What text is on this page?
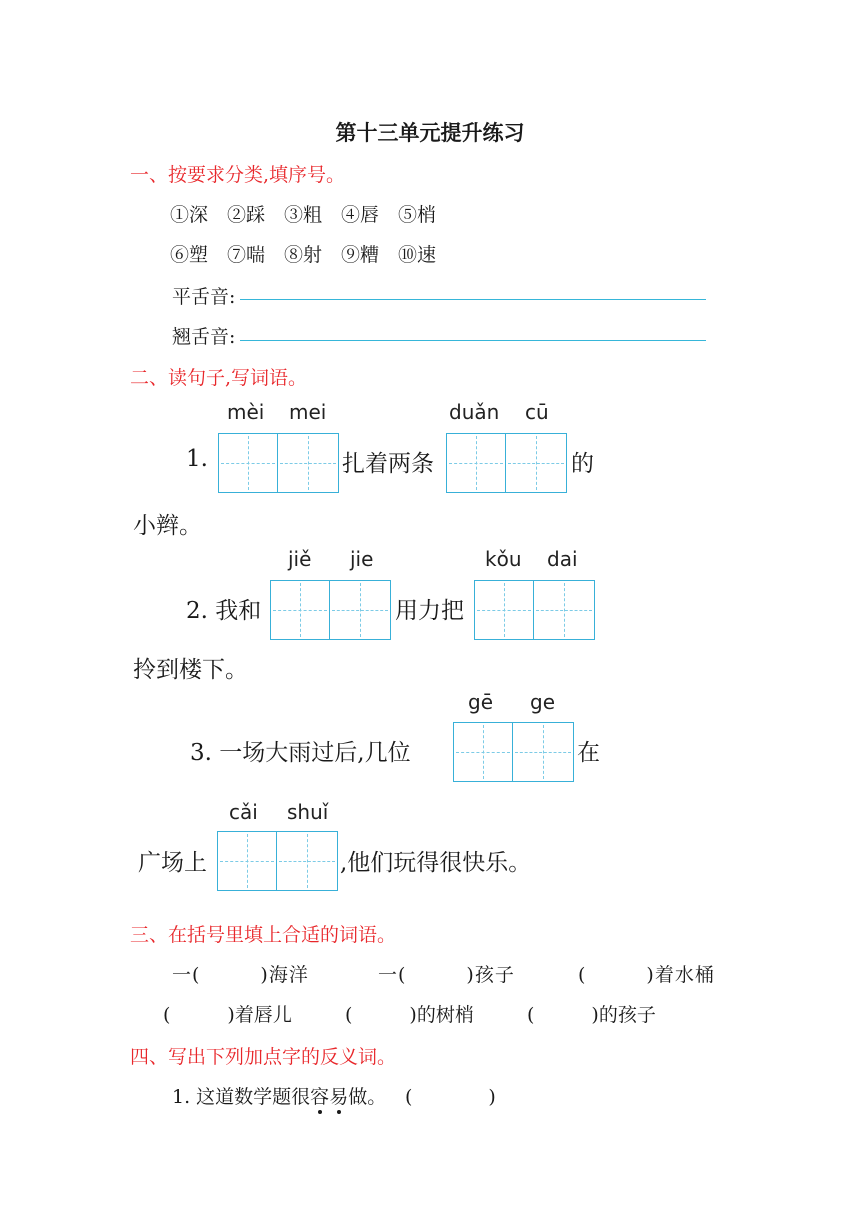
第十三单元提升练习
一、按要求分类,填序号。
①深　②踩　③粗　④唇　⑤梢
⑥塑　⑦喘　⑧射　⑨糟　⑩速
平舌音:
翘舌音:
二、读句子,写词语。
mèi mei	duǎn cū
1.	扎着两条	的
小辫。
jiě jie	kǒu dai
2. 我和	用力把
拎到楼下。
gē ge
3. 一场大雨过后,几位	在
cǎi shuǐ
广场上	,他们玩得很快乐。
三、在括号里填上合适的词语。
一(　　　)海洋	一(　　　)孩子	(　　　)着水桶
(　　　)着唇儿	(　　　)的树梢	(　　　)的孩子
四、写出下列加点字的反义词。
1. 这道数学题很容易做。 (　　　　)
